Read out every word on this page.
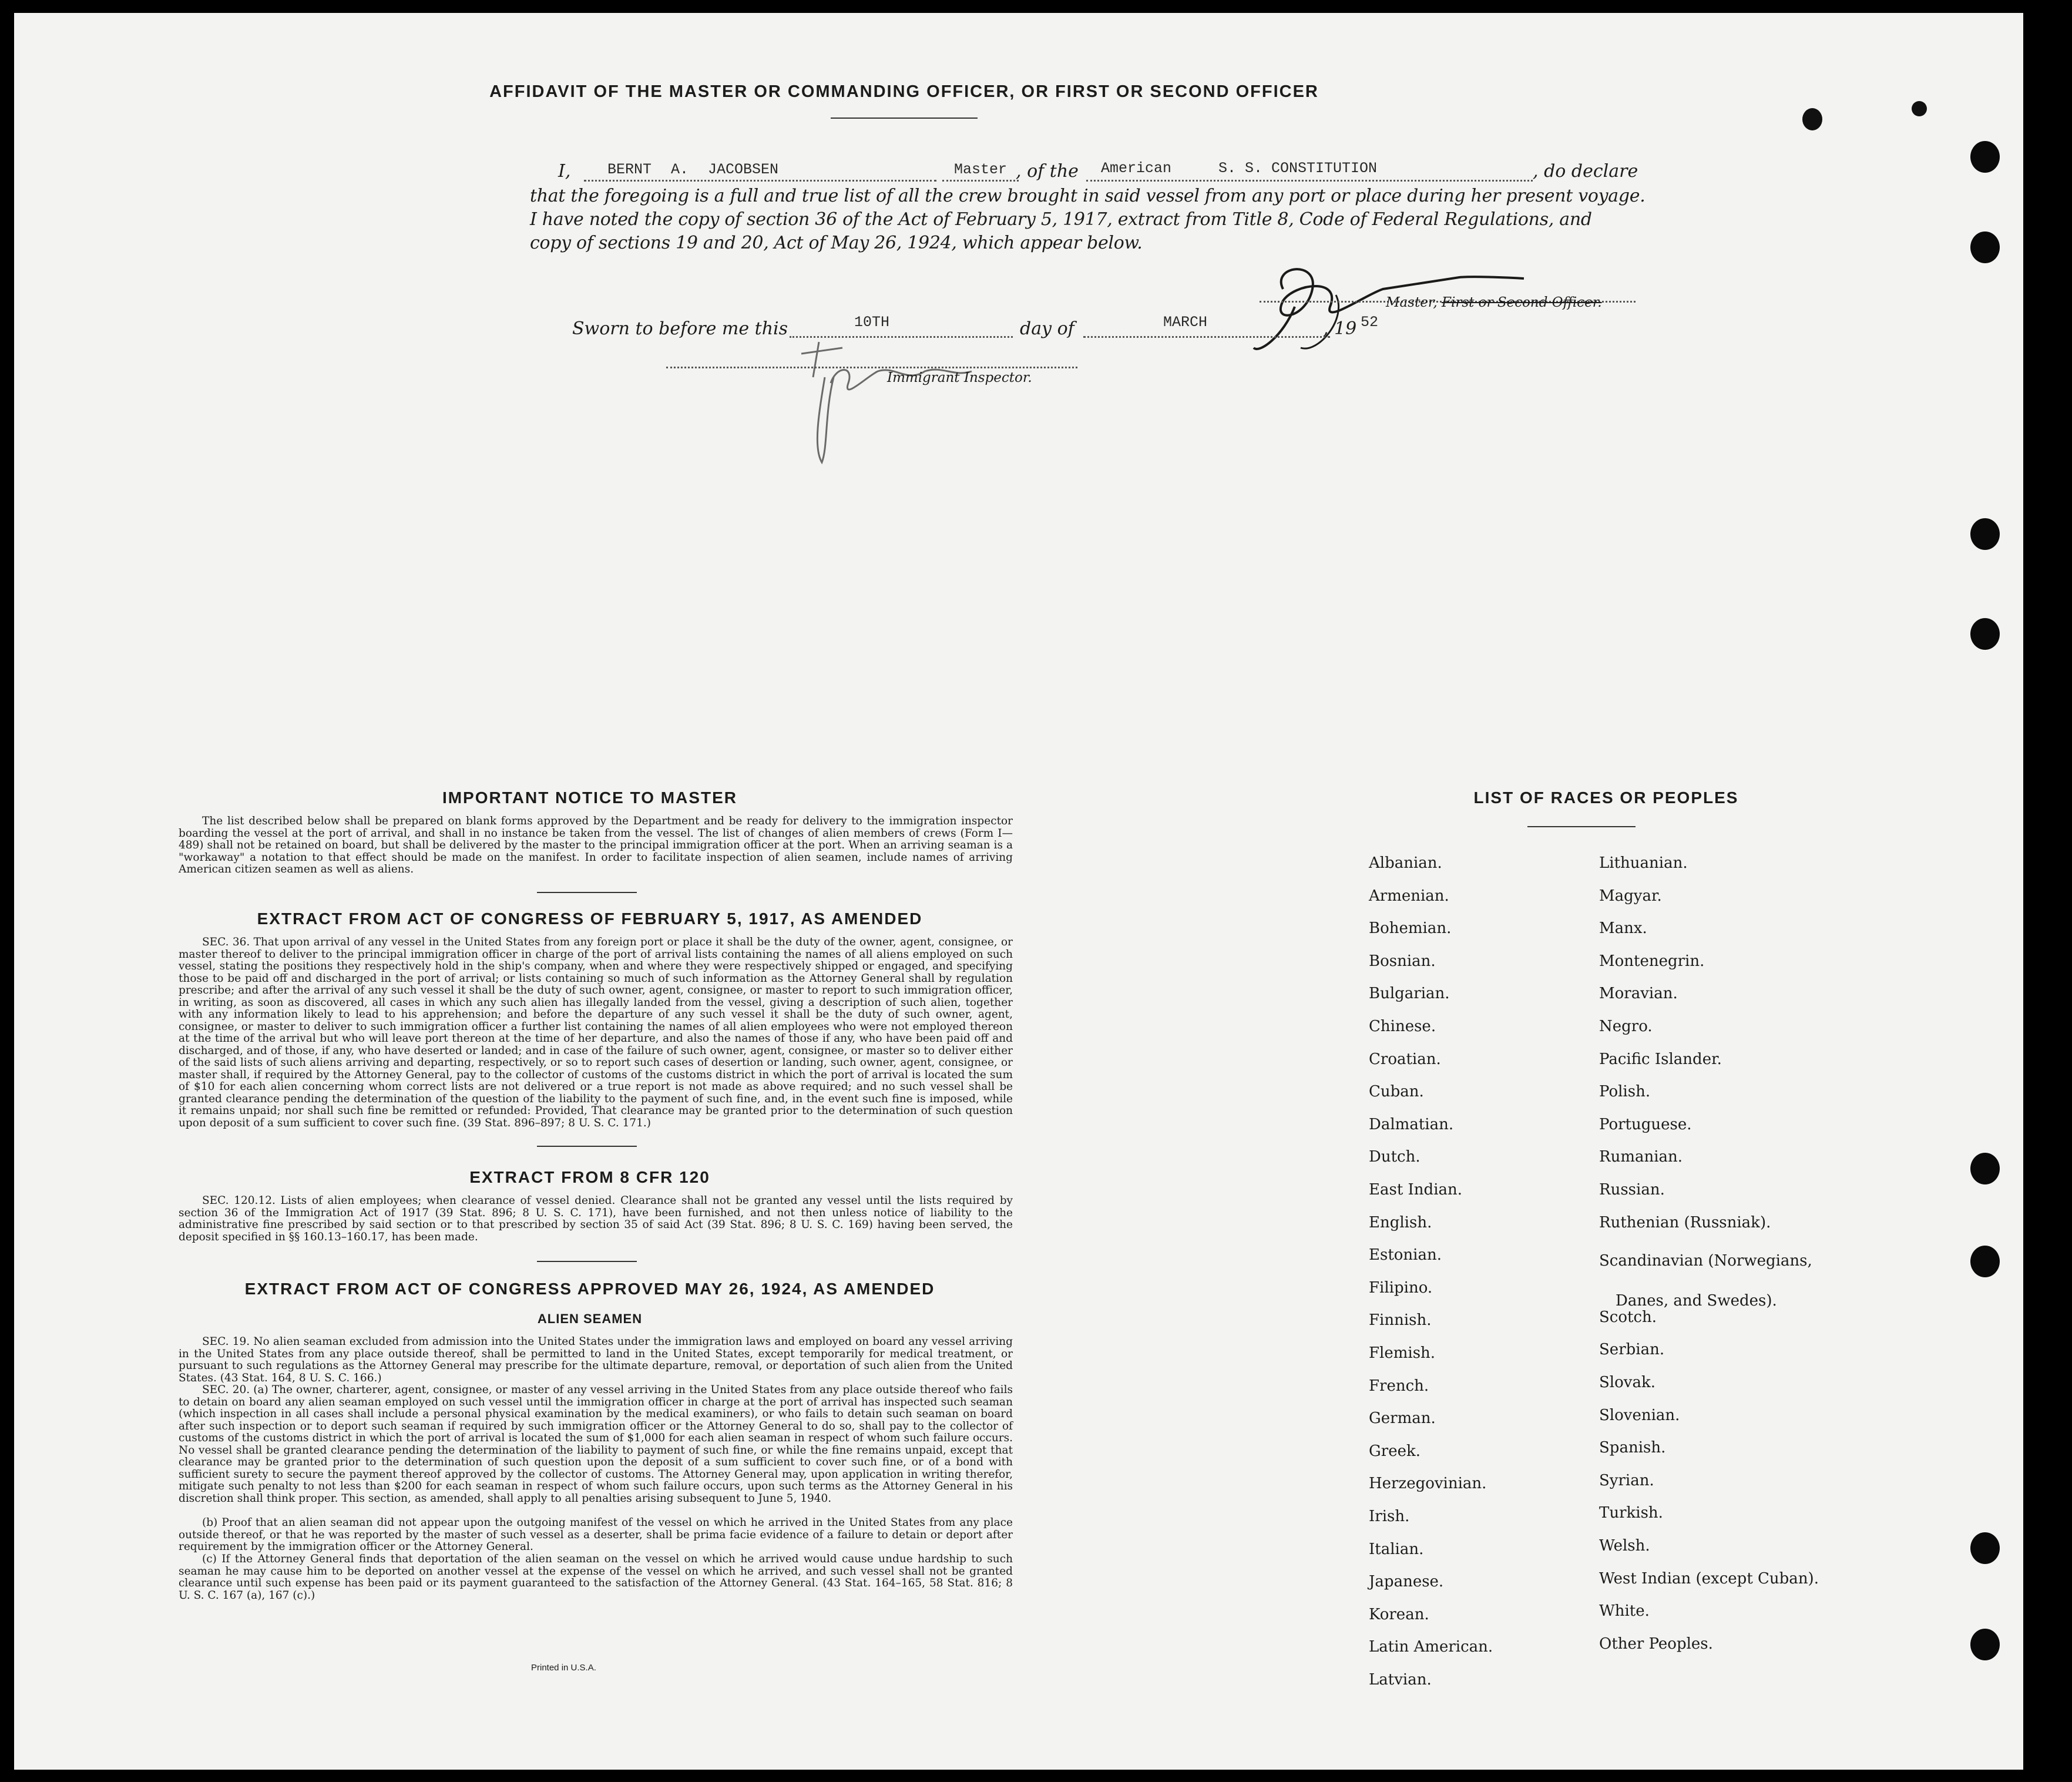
AFFIDAVIT OF THE MASTER OR COMMANDING OFFICER, OR FIRST OR SECOND OFFICER
I,	BERNT A. JACOBSEN	Master , of the American	S. S. CONSTITUTION	, do declare
that the foregoing is a full and true list of all the crew brought in said vessel from any port or place during her present voyage.
I have noted the copy of section 36 of the Act of February 5, 1917, extract from Title 8, Code of Federal Regulations, and
copy of sections 19 and 20, Act of May 26, 1924, which appear below.
Master, First or Second Officer.
Sworn to before me this	10TH	day of	MARCH	, 19 52
Immigrant Inspector.
IMPORTANT NOTICE TO MASTER
The list described below shall be prepared on blank forms approved by the Department and be ready for delivery to the immigration inspector boarding the vessel at the port of arrival, and shall in no instance be taken from the vessel. The list of changes of alien members of crews (Form I—489) shall not be retained on board, but shall be delivered by the master to the principal immigration officer at the port. When an arriving seaman is a "workaway" a notation to that effect should be made on the manifest. In order to facilitate inspection of alien seamen, include names of arriving American citizen seamen as well as aliens.
EXTRACT FROM ACT OF CONGRESS OF FEBRUARY 5, 1917, AS AMENDED
SEC. 36. That upon arrival of any vessel in the United States from any foreign port or place it shall be the duty of the owner, agent, consignee, or master thereof to deliver to the principal immigration officer in charge of the port of arrival lists containing the names of all aliens employed on such vessel, stating the positions they respectively hold in the ship's company, when and where they were respectively shipped or engaged, and specifying those to be paid off and discharged in the port of arrival; or lists containing so much of such information as the Attorney General shall by regulation prescribe; and after the arrival of any such vessel it shall be the duty of such owner, agent, consignee, or master to report to such immigration officer, in writing, as soon as discovered, all cases in which any such alien has illegally landed from the vessel, giving a description of such alien, together with any information likely to lead to his apprehension; and before the departure of any such vessel it shall be the duty of such owner, agent, consignee, or master to deliver to such immigration officer a further list containing the names of all alien employees who were not employed thereon at the time of the arrival but who will leave port thereon at the time of her departure, and also the names of those if any, who have been paid off and discharged, and of those, if any, who have deserted or landed; and in case of the failure of such owner, agent, consignee, or master so to deliver either of the said lists of such aliens arriving and departing, respectively, or so to report such cases of desertion or landing, such owner, agent, consignee, or master shall, if required by the Attorney General, pay to the collector of customs of the customs district in which the port of arrival is located the sum of $10 for each alien concerning whom correct lists are not delivered or a true report is not made as above required; and no such vessel shall be granted clearance pending the determination of the question of the liability to the payment of such fine, and, in the event such fine is imposed, while it remains unpaid; nor shall such fine be remitted or refunded: Provided, That clearance may be granted prior to the determination of such question upon deposit of a sum sufficient to cover such fine. (39 Stat. 896–897; 8 U. S. C. 171.)
EXTRACT FROM 8 CFR 120
SEC. 120.12. Lists of alien employees; when clearance of vessel denied. Clearance shall not be granted any vessel until the lists required by section 36 of the Immigration Act of 1917 (39 Stat. 896; 8 U. S. C. 171), have been furnished, and not then unless notice of liability to the administrative fine prescribed by said section or to that prescribed by section 35 of said Act (39 Stat. 896; 8 U. S. C. 169) having been served, the deposit specified in §§ 160.13–160.17, has been made.
EXTRACT FROM ACT OF CONGRESS APPROVED MAY 26, 1924, AS AMENDED
ALIEN SEAMEN
SEC. 19. No alien seaman excluded from admission into the United States under the immigration laws and employed on board any vessel arriving in the United States from any place outside thereof, shall be permitted to land in the United States, except temporarily for medical treatment, or pursuant to such regulations as the Attorney General may prescribe for the ultimate departure, removal, or deportation of such alien from the United States. (43 Stat. 164, 8 U. S. C. 166.)
SEC. 20. (a) The owner, charterer, agent, consignee, or master of any vessel arriving in the United States from any place outside thereof who fails to detain on board any alien seaman employed on such vessel until the immigration officer in charge at the port of arrival has inspected such seaman (which inspection in all cases shall include a personal physical examination by the medical examiners), or who fails to detain such seaman on board after such inspection or to deport such seaman if required by such immigration officer or the Attorney General to do so, shall pay to the collector of customs of the customs district in which the port of arrival is located the sum of $1,000 for each alien seaman in respect of whom such failure occurs. No vessel shall be granted clearance pending the determination of the liability to payment of such fine, or while the fine remains unpaid, except that clearance may be granted prior to the determination of such question upon the deposit of a sum sufficient to cover such fine, or of a bond with sufficient surety to secure the payment thereof approved by the collector of customs. The Attorney General may, upon application in writing therefor, mitigate such penalty to not less than $200 for each seaman in respect of whom such failure occurs, upon such terms as the Attorney General in his discretion shall think proper. This section, as amended, shall apply to all penalties arising subsequent to June 5, 1940.
(b) Proof that an alien seaman did not appear upon the outgoing manifest of the vessel on which he arrived in the United States from any place outside thereof, or that he was reported by the master of such vessel as a deserter, shall be prima facie evidence of a failure to detain or deport after requirement by the immigration officer or the Attorney General.
(c) If the Attorney General finds that deportation of the alien seaman on the vessel on which he arrived would cause undue hardship to such seaman he may cause him to be deported on another vessel at the expense of the vessel on which he arrived, and such vessel shall not be granted clearance until such expense has been paid or its payment guaranteed to the satisfaction of the Attorney General. (43 Stat. 164–165, 58 Stat. 816; 8 U. S. C. 167 (a), 167 (c).)
Printed in U.S.A.
LIST OF RACES OR PEOPLES
Albanian.
Armenian.
Bohemian.
Bosnian.
Bulgarian.
Chinese.
Croatian.
Cuban.
Dalmatian.
Dutch.
East Indian.
English.
Estonian.
Filipino.
Finnish.
Flemish.
French.
German.
Greek.
Herzegovinian.
Irish.
Italian.
Japanese.
Korean.
Latin American.
Latvian.
Lithuanian.
Magyar.
Manx.
Montenegrin.
Moravian.
Negro.
Pacific Islander.
Polish.
Portuguese.
Rumanian.
Russian.
Ruthenian (Russniak).
Scandinavian (Norwegians,
Danes, and Swedes).
Scotch.
Serbian.
Slovak.
Slovenian.
Spanish.
Syrian.
Turkish.
Welsh.
West Indian (except Cuban).
White.
Other Peoples.
